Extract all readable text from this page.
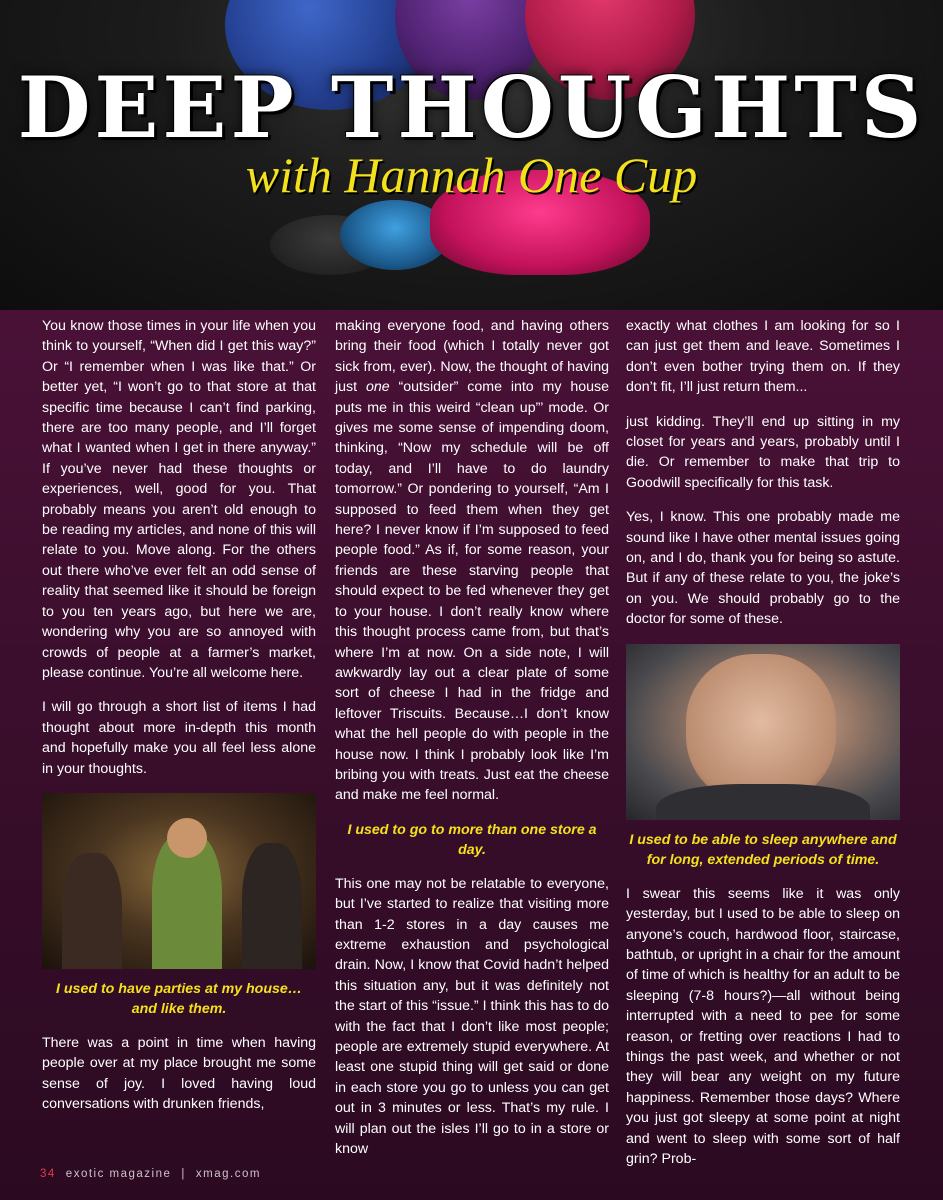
DEEP THOUGHTS
with Hannah One Cup

You know those times in your life when you think to yourself, “When did I get this way?” Or “I remember when I was like that.” Or better yet, “I won’t go to that store at that specific time because I can’t find parking, there are too many people, and I’ll forget what I wanted when I get in there anyway.” If you’ve never had these thoughts or experiences, well, good for you. That probably means you aren’t old enough to be reading my articles, and none of this will relate to you. Move along. For the others out there who’ve ever felt an odd sense of reality that seemed like it should be foreign to you ten years ago, but here we are, wondering why you are so annoyed with crowds of people at a farmer’s market, please continue. You’re all welcome here.

I will go through a short list of items I had thought about more in-depth this month and hopefully make you all feel less alone in your thoughts.

I used to have parties at my house… and like them.

There was a point in time when having people over at my place brought me some sense of joy. I loved having loud conversations with drunken friends,

making everyone food, and having others bring their food (which I totally never got sick from, ever). Now, the thought of having just one “outsider” come into my house puts me in this weird “clean up”’ mode. Or gives me some sense of impending doom, thinking, “Now my schedule will be off today, and I’ll have to do laundry tomorrow.” Or pondering to yourself, “Am I supposed to feed them when they get here? I never know if I’m supposed to feed people food.” As if, for some reason, your friends are these starving people that should expect to be fed whenever they get to your house. I don’t really know where this thought process came from, but that’s where I’m at now. On a side note, I will awkwardly lay out a clear plate of some sort of cheese I had in the fridge and leftover Triscuits. Because…I don’t know what the hell people do with people in the house now. I think I probably look like I’m bribing you with treats. Just eat the cheese and make me feel normal.

I used to go to more than one store a day.

This one may not be relatable to everyone, but I’ve started to realize that visiting more than 1-2 stores in a day causes me extreme exhaustion and psychological drain. Now, I know that Covid hadn’t helped this situation any, but it was definitely not the start of this “issue.” I think this has to do with the fact that I don’t like most people; people are extremely stupid everywhere. At least one stupid thing will get said or done in each store you go to unless you can get out in 3 minutes or less. That’s my rule. I will plan out the isles I’ll go to in a store or know

exactly what clothes I am looking for so I can just get them and leave. Sometimes I don’t even bother trying them on. If they don’t fit, I’ll just return them...

just kidding. They’ll end up sitting in my closet for years and years, probably until I die. Or remember to make that trip to Goodwill specifically for this task.

Yes, I know. This one probably made me sound like I have other mental issues going on, and I do, thank you for being so astute. But if any of these relate to you, the joke’s on you. We should probably go to the doctor for some of these.

I used to be able to sleep anywhere and for long, extended periods of time.

I swear this seems like it was only yesterday, but I used to be able to sleep on anyone’s couch, hardwood floor, staircase, bathtub, or upright in a chair for the amount of time of which is healthy for an adult to be sleeping (7-8 hours?)—all without being interrupted with a need to pee for some reason, or fretting over reactions I had to things the past week, and whether or not they will bear any weight on my future happiness. Remember those days? Where you just got sleepy at some point at night and went to sleep with some sort of half grin? Prob-

34 exotic magazine | xmag.com
